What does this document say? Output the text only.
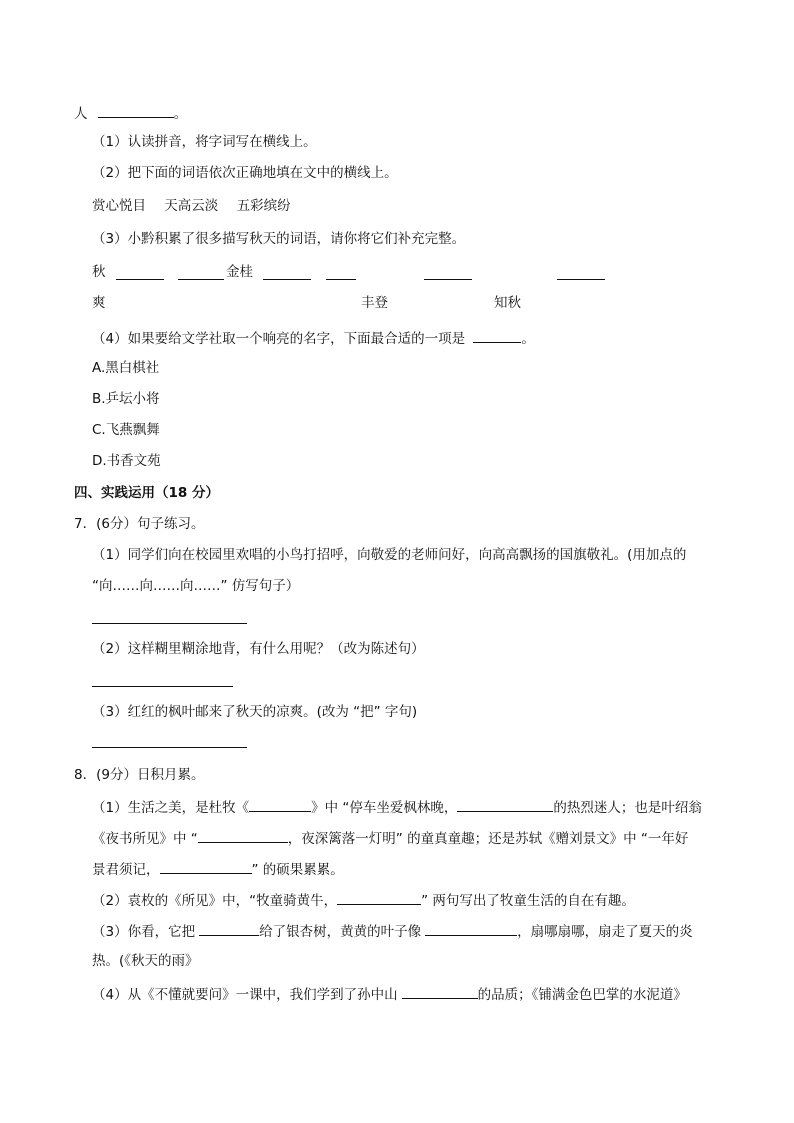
人	。
（1）认读拼音，将字词写在横线上。
（2）把下面的词语依次正确地填在文中的横线上。
赏心悦目 天高云淡 五彩缤纷
（3）小黔积累了很多描写秋天的词语，请你将它们补充完整。
秋	金桂
爽	丰登	知秋
（4）如果要给文学社取一个响亮的名字，下面最合适的一项是	。
A.黑白棋社
B.乒坛小将
C.飞燕飘舞
D.书香文苑
四、实践运用（18 分）
7．(6分）句子练习。
（1）同学们向在校园里欢唱的小鸟打招呼，向敬爱的老师问好，向高高飘扬的国旗敬礼。(用加点的
“向……向……向……” 仿写句子）
（2）这样糊里糊涂地背，有什么用呢？（改为陈述句）
（3）红红的枫叶邮来了秋天的凉爽。(改为 “把” 字句)
8．(9分）日积月累。
（1）生活之美，是杜牧《	》中 “停车坐爱枫林晚，	的热烈迷人；也是叶绍翁
《夜书所见》中 “	，夜深篱落一灯明” 的童真童趣；还是苏轼《赠刘景文》中 “一年好
景君须记，	” 的硕果累累。
（2）袁枚的《所见》中，“牧童骑黄牛，	” 两句写出了牧童生活的自在有趣。
（3）你看，它把	给了银杏树，黄黄的叶子像	，扇哪扇哪，扇走了夏天的炎
热。(《秋天的雨》
（4）从《不懂就要问》一课中，我们学到了孙中山	的品质；《铺满金色巴掌的水泥道》
